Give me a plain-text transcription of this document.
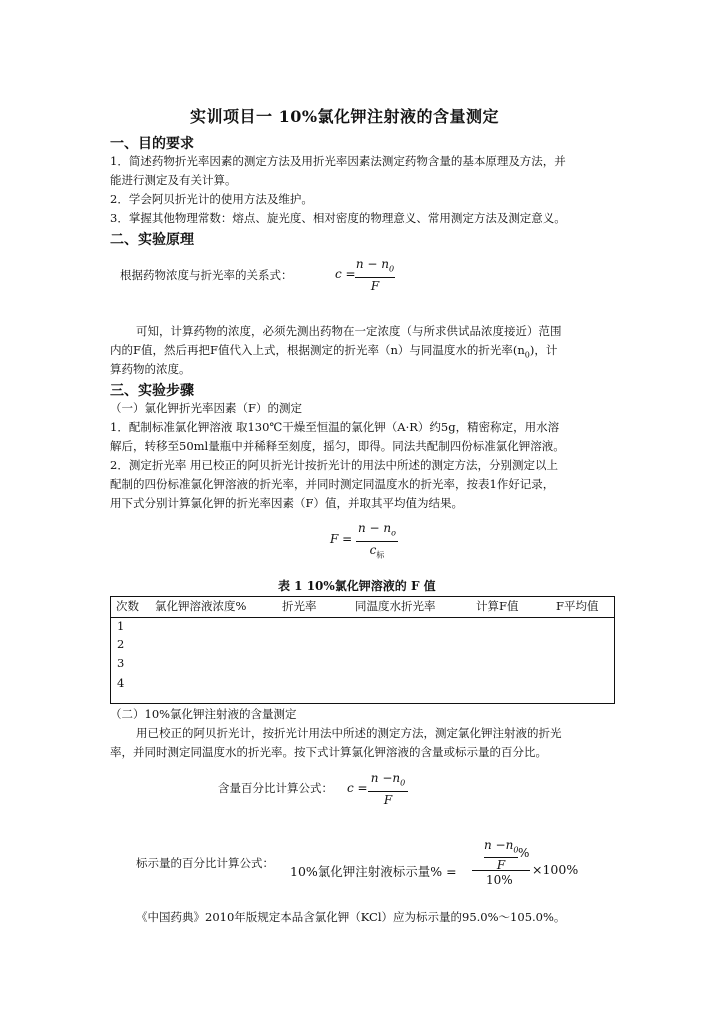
实训项目一 10%氯化钾注射液的含量测定
一、目的要求
1．简述药物折光率因素的测定方法及用折光率因素法测定药物含量的基本原理及方法，并
能进行测定及有关计算。
2．学会阿贝折光计的使用方法及维护。
3．掌握其他物理常数：熔点、旋光度、相对密度的物理意义、常用测定方法及测定意义。
二、实验原理
根据药物浓度与折光率的关系式：	c =
$n - n_0$
F
可知，计算药物的浓度，必须先测出药物在一定浓度（与所求供试品浓度接近）范围
内的F值，然后再把F值代入上式，根据测定的折光率（n）与同温度水的折光率$(n_0)$，计
算药物的浓度。
三、实验步骤
（一）氯化钾折光率因素（F）的测定
1．配制标准氯化钾溶液 取130℃干燥至恒温的氯化钾（A·R）约5g，精密称定，用水溶
解后，转移至50ml量瓶中并稀释至刻度，摇匀，即得。同法共配制四份标准氯化钾溶液。
2．测定折光率 用已校正的阿贝折光计按折光计的用法中所述的测定方法，分别测定以上
配制的四份标准氯化钾溶液的折光率，并同时测定同温度水的折光率，按表1作好记录，
用下式分别计算氯化钾的折光率因素（F）值，并取其平均值为结果。
F =
$n - n_o$
$c_标$
表 1 10%氯化钾溶液的 F 值
次数 氯化钾溶液浓度%	折光率	同温度水折光率	计算F值	F平均值
1
2
3
4
（二）10%氯化钾注射液的含量测定
用已校正的阿贝折光计，按折光计用法中所述的测定方法，测定氯化钾注射液的折光
率，并同时测定同温度水的折光率。按下式计算氯化钾溶液的含量或标示量的百分比。
含量百分比计算公式： c =
$n -n_0$
F
标示量的百分比计算公式：
10%氯化钾注射液标示量% =
$n -n_0$
F
%
10%
×100%
《中国药典》2010年版规定本品含氯化钾（KCl）应为标示量的95.0%～105.0%。
